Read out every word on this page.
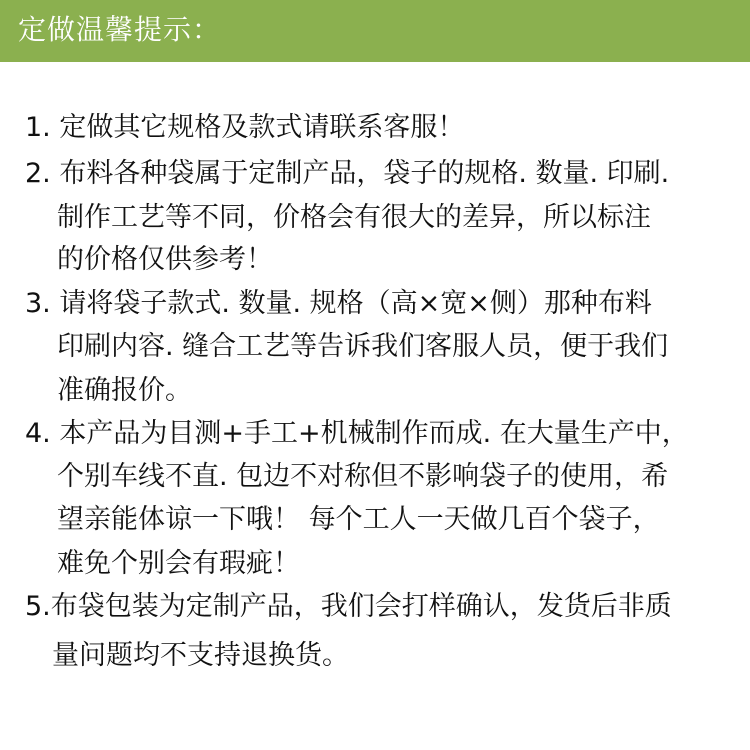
定做温馨提示：
1. 定做其它规格及款式请联系客服！
2. 布料各种袋属于定制产品，袋子的规格. 数量. 印刷.
制作工艺等不同，价格会有很大的差异，所以标注
的价格仅供参考！
3. 请将袋子款式. 数量. 规格（高×宽×侧）那种布料
印刷内容. 缝合工艺等告诉我们客服人员，便于我们
准确报价。
4. 本产品为目测+手工+机械制作而成. 在大量生产中，
个别车线不直. 包边不对称但不影响袋子的使用，希
望亲能体谅一下哦！ 每个工人一天做几百个袋子，
难免个别会有瑕疵！
5.布袋包装为定制产品，我们会打样确认，发货后非质
量问题均不支持退换货。
